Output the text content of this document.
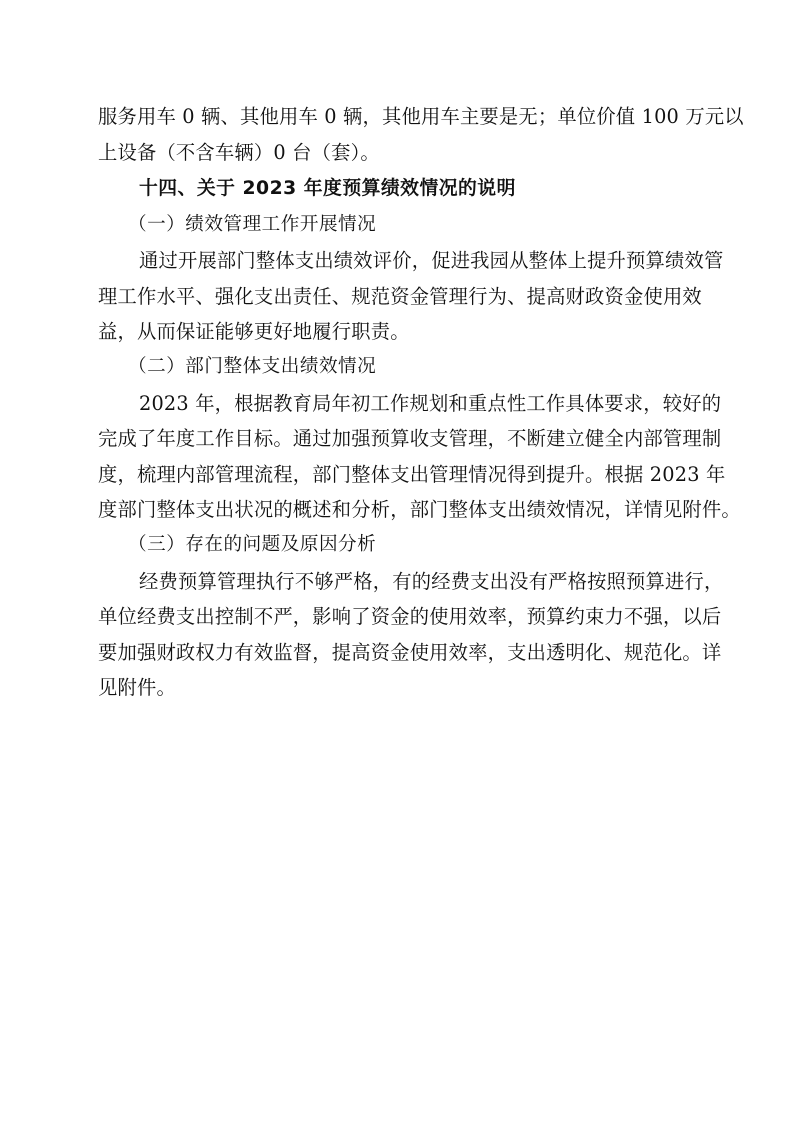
服务用车 0 辆、其他用车 0 辆，其他用车主要是无；单位价值 100 万元以
上设备（不含车辆）0 台（套）。
十四、关于 2023 年度预算绩效情况的说明
（一）绩效管理工作开展情况
通过开展部门整体支出绩效评价，促进我园从整体上提升预算绩效管
理工作水平、强化支出责任、规范资金管理行为、提高财政资金使用效
益，从而保证能够更好地履行职责。
（二）部门整体支出绩效情况
2023 年，根据教育局年初工作规划和重点性工作具体要求，较好的
完成了年度工作目标。通过加强预算收支管理，不断建立健全内部管理制
度，梳理内部管理流程，部门整体支出管理情况得到提升。根据 2023 年
度部门整体支出状况的概述和分析，部门整体支出绩效情况，详情见附件。
（三）存在的问题及原因分析
经费预算管理执行不够严格，有的经费支出没有严格按照预算进行，
单位经费支出控制不严，影响了资金的使用效率，预算约束力不强，以后
要加强财政权力有效监督，提高资金使用效率，支出透明化、规范化。详
见附件。
